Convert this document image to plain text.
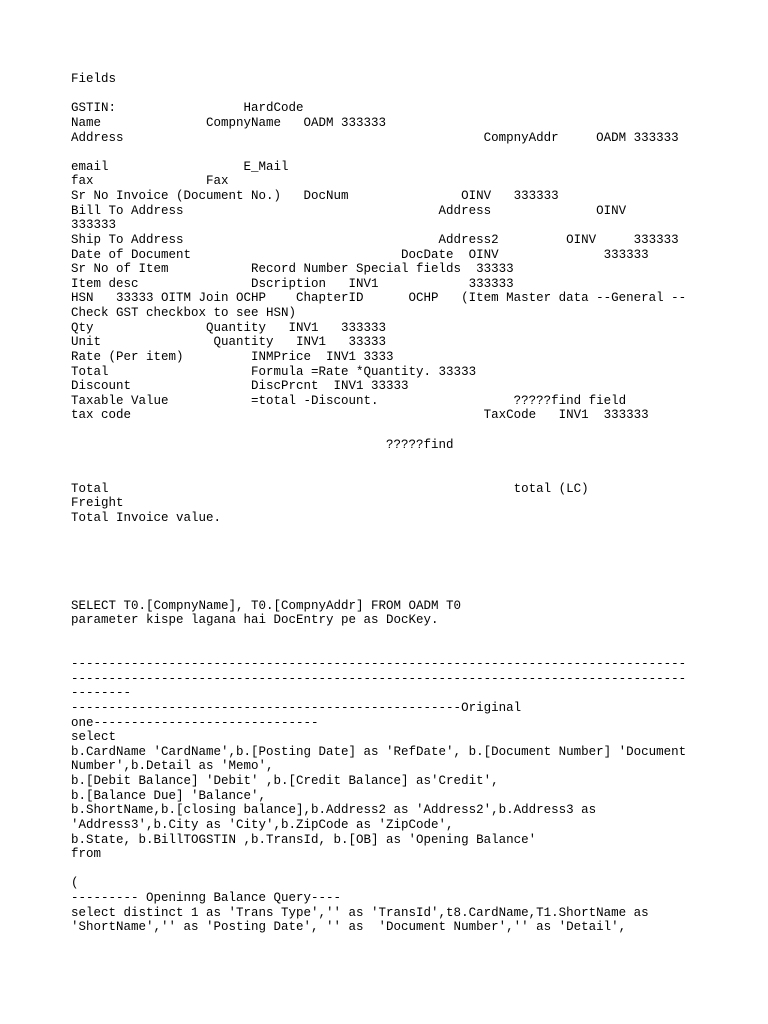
Fields

GSTIN:                 HardCode
Name              CompnyName   OADM 333333
Address                                                CompnyAddr     OADM 333333

email                  E_Mail
fax               Fax
Sr No Invoice (Document No.)   DocNum               OINV   333333
Bill To Address                                  Address              OINV
333333
Ship To Address                                  Address2         OINV     333333
Date of Document                            DocDate  OINV              333333
Sr No of Item           Record Number Special fields  33333
Item desc               Dscription   INV1            333333
HSN   33333 OITM Join OCHP    ChapterID      OCHP   (Item Master data --General --
Check GST checkbox to see HSN)
Qty               Quantity   INV1   333333
Unit               Quantity   INV1   33333
Rate (Per item)         INMPrice  INV1 3333
Total                   Formula =Rate *Quantity. 33333
Discount                DiscPrcnt  INV1 33333
Taxable Value           =total -Discount.                  ?????find field
tax code                                               TaxCode   INV1  333333

?????find

Total                                                      total (LC)
Freight
Total Invoice value.

SELECT T0.[CompnyName], T0.[CompnyAddr] FROM OADM T0
parameter kispe lagana hai DocEntry pe as DocKey.

----------------------------------------------------------------------------------
----------------------------------------------------------------------------------
--------
----------------------------------------------------Original
one------------------------------
select
b.CardName 'CardName',b.[Posting Date] as 'RefDate', b.[Document Number] 'Document
Number',b.Detail as 'Memo',
b.[Debit Balance] 'Debit' ,b.[Credit Balance] as'Credit',
b.[Balance Due] 'Balance',
b.ShortName,b.[closing balance],b.Address2 as 'Address2',b.Address3 as
'Address3',b.City as 'City',b.ZipCode as 'ZipCode',
b.State, b.BillTOGSTIN ,b.TransId, b.[OB] as 'Opening Balance'
from

(
--------- Openinng Balance Query----
select distinct 1 as 'Trans Type','' as 'TransId',t8.CardName,T1.ShortName as
'ShortName','' as 'Posting Date', '' as  'Document Number','' as 'Detail',
